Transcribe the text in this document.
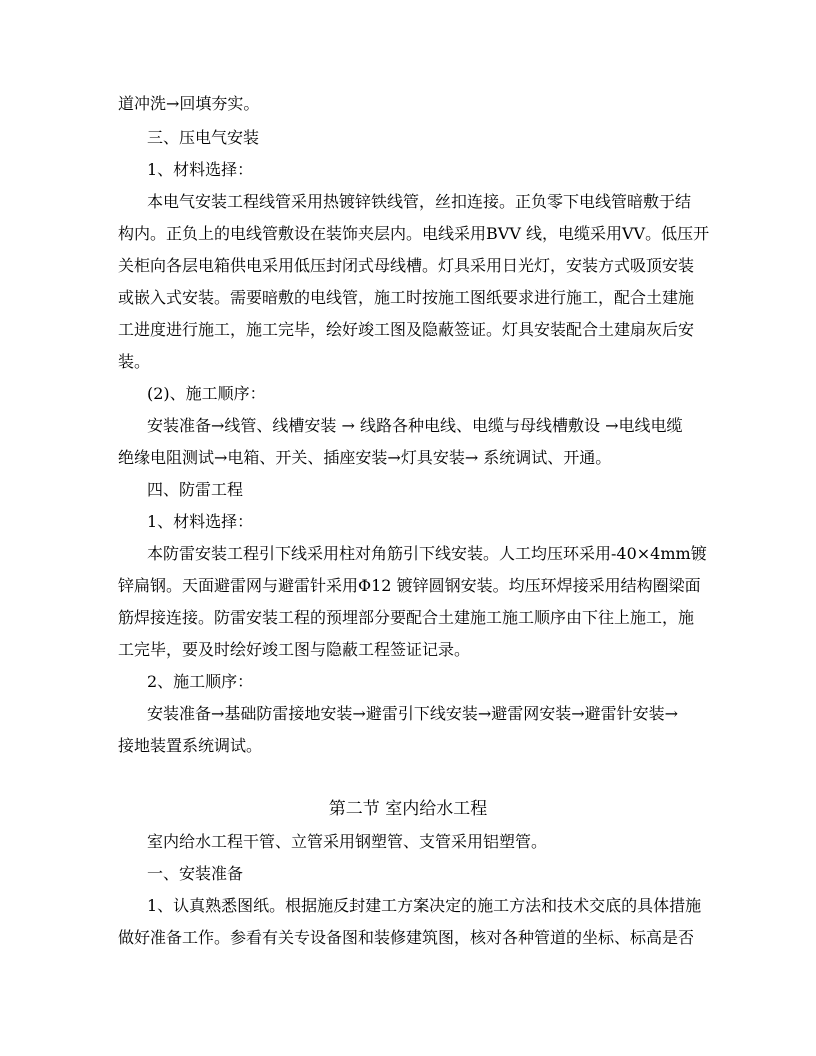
道冲洗→回填夯实。
三、压电气安装
1、材料选择：
本电气安装工程线管采用热镀锌铁线管，丝扣连接。正负零下电线管暗敷于结
构内。正负上的电线管敷设在装饰夹层内。电线采用BVV 线，电缆采用VV。低压开
关柜向各层电箱供电采用低压封闭式母线槽。灯具采用日光灯，安装方式吸顶安装
或嵌入式安装。需要暗敷的电线管，施工时按施工图纸要求进行施工，配合土建施
工进度进行施工，施工完毕，绘好竣工图及隐蔽签证。灯具安装配合土建扇灰后安
装。
(2)、施工顺序：
安装准备→线管、线槽安装 → 线路各种电线、电缆与母线槽敷设 →电线电缆
绝缘电阻测试→电箱、开关、插座安装→灯具安装→ 系统调试、开通。
四、防雷工程
1、材料选择：
本防雷安装工程引下线采用柱对角筋引下线安装。人工均压环采用-40×4mm镀
锌扁钢。天面避雷网与避雷针采用Φ12 镀锌圆钢安装。均压环焊接采用结构圈梁面
筋焊接连接。防雷安装工程的预埋部分要配合土建施工施工顺序由下往上施工，施
工完毕，要及时绘好竣工图与隐蔽工程签证记录。
2、施工顺序：
安装准备→基础防雷接地安装→避雷引下线安装→避雷网安装→避雷针安装→
接地装置系统调试。
第二节 室内给水工程
室内给水工程干管、立管采用钢塑管、支管采用铝塑管。
一、安装准备
1、认真熟悉图纸。根据施反封建工方案决定的施工方法和技术交底的具体措施
做好准备工作。参看有关专设备图和装修建筑图，核对各种管道的坐标、标高是否
